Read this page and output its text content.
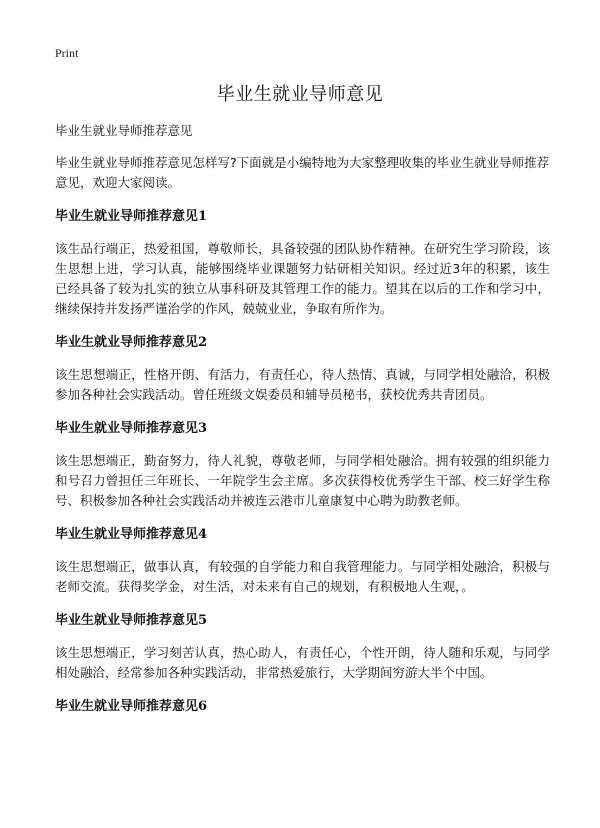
Print
毕业生就业导师意见

毕业生就业导师推荐意见

毕业生就业导师推荐意见怎样写?下面就是小编特地为大家整理收集的毕业生就业导师推荐意见，欢迎大家阅读。

毕业生就业导师推荐意见1

该生品行端正，热爱祖国，尊敬师长，具备较强的团队协作精神。在研究生学习阶段，该生思想上进，学习认真，能够围绕毕业课题努力钻研相关知识。经过近3年的积累，该生已经具备了较为扎实的独立从事科研及其管理工作的能力。望其在以后的工作和学习中，继续保持并发扬严谨治学的作风，兢兢业业，争取有所作为。

毕业生就业导师推荐意见2

该生思想端正，性格开朗、有活力，有责任心，待人热情、真诚，与同学相处融洽，积极参加各种社会实践活动。曾任班级文娱委员和辅导员秘书，获校优秀共青团员。

毕业生就业导师推荐意见3

该生思想端正，勤奋努力，待人礼貌，尊敬老师，与同学相处融洽。拥有较强的组织能力和号召力曾担任三年班长、一年院学生会主席。多次获得校优秀学生干部、校三好学生称号、积极参加各种社会实践活动并被连云港市儿童康复中心聘为助教老师。

毕业生就业导师推荐意见4

该生思想端正，做事认真，有较强的自学能力和自我管理能力。与同学相处融洽，积极与老师交流。获得奖学金，对生活，对未来有自己的规划，有积极地人生观，。

毕业生就业导师推荐意见5

该生思想端正，学习刻苦认真，热心助人，有责任心，个性开朗，待人随和乐观，与同学相处融洽，经常参加各种实践活动，非常热爱旅行，大学期间穷游大半个中国。

毕业生就业导师推荐意见6
